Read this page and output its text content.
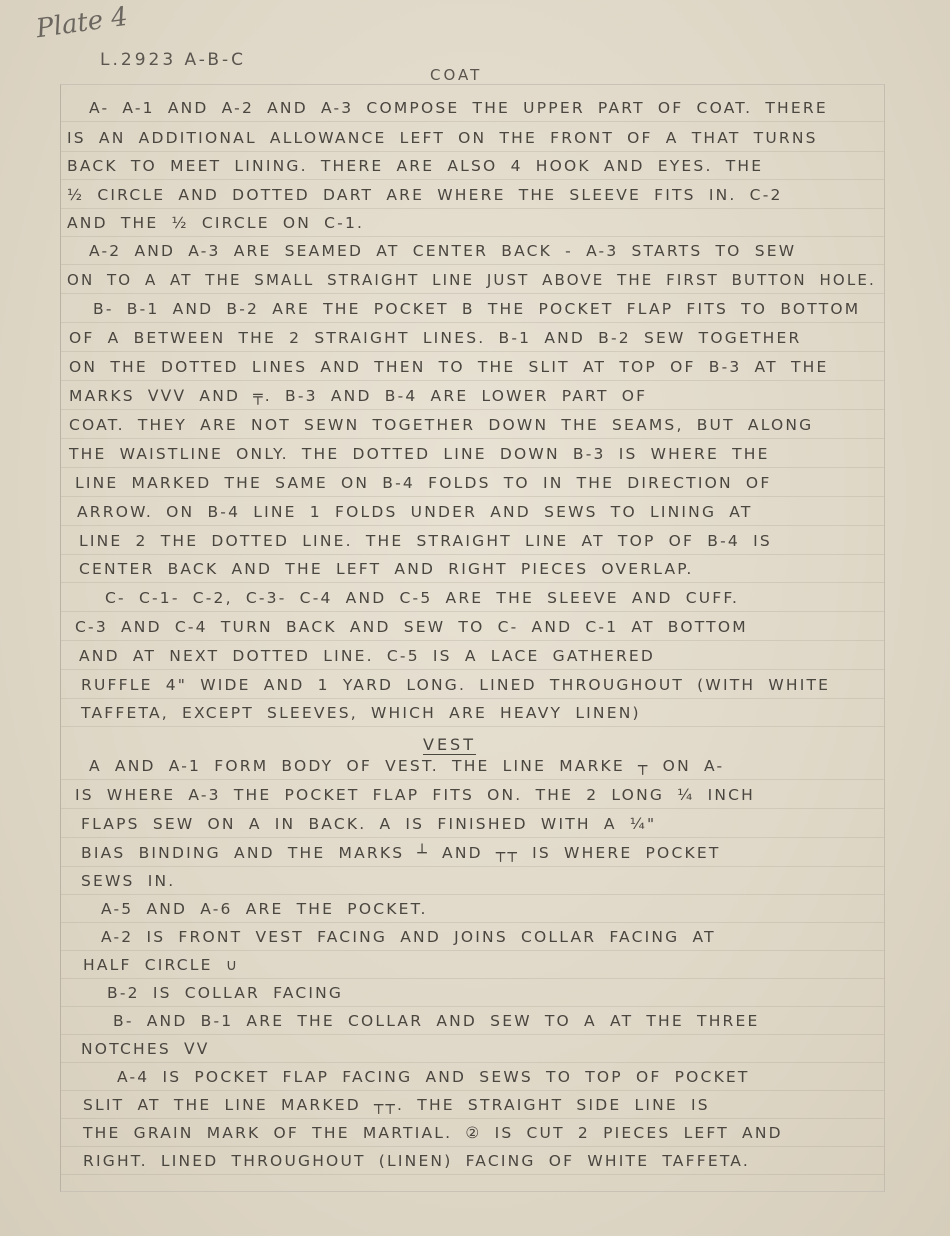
Plate 4
L.2923 A-B-C
COAT
VEST
A- A-1 AND A-2 AND A-3 COMPOSE THE UPPER PART OF COAT. THERE
IS AN ADDITIONAL ALLOWANCE LEFT ON THE FRONT OF A THAT TURNS
BACK TO MEET LINING. THERE ARE ALSO 4 HOOK AND EYES. THE
½ CIRCLE AND DOTTED DART ARE WHERE THE SLEEVE FITS IN. C-2
AND THE ½ CIRCLE ON C-1.
A-2 AND A-3 ARE SEAMED AT CENTER BACK - A-3 STARTS TO SEW
ON TO A AT THE SMALL STRAIGHT LINE JUST ABOVE THE FIRST BUTTON HOLE.
B- B-1 AND B-2 ARE THE POCKET B THE POCKET FLAP FITS TO BOTTOM
OF A BETWEEN THE 2 STRAIGHT LINES. B-1 AND B-2 SEW TOGETHER
ON THE DOTTED LINES AND THEN TO THE SLIT AT TOP OF B-3 AT THE
MARKS ᐯᐯᐯ AND ╤. B-3 AND B-4 ARE LOWER PART OF
COAT. THEY ARE NOT SEWN TOGETHER DOWN THE SEAMS, BUT ALONG
THE WAISTLINE ONLY. THE DOTTED LINE DOWN B-3 IS WHERE THE
LINE MARKED THE SAME ON B-4 FOLDS TO IN THE DIRECTION OF
ARROW. ON B-4 LINE 1 FOLDS UNDER AND SEWS TO LINING AT
LINE 2 THE DOTTED LINE. THE STRAIGHT LINE AT TOP OF B-4 IS
CENTER BACK AND THE LEFT AND RIGHT PIECES OVERLAP.
C- C-1- C-2, C-3- C-4 AND C-5 ARE THE SLEEVE AND CUFF.
C-3 AND C-4 TURN BACK AND SEW TO C- AND C-1 AT BOTTOM
AND AT NEXT DOTTED LINE. C-5 IS A LACE GATHERED
RUFFLE 4" WIDE AND 1 YARD LONG. LINED THROUGHOUT (WITH WHITE
TAFFETA, EXCEPT SLEEVES, WHICH ARE HEAVY LINEN)
A AND A-1 FORM BODY OF VEST. THE LINE MARKE ┬ ON A-
IS WHERE A-3 THE POCKET FLAP FITS ON. THE 2 LONG ¼ INCH
FLAPS SEW ON A IN BACK. A IS FINISHED WITH A ¼"
BIAS BINDING AND THE MARKS ┴ AND ┬┬ IS WHERE POCKET
SEWS IN.
A-5 AND A-6 ARE THE POCKET.
A-2 IS FRONT VEST FACING AND JOINS COLLAR FACING AT
HALF CIRCLE ∪
B-2 IS COLLAR FACING
B- AND B-1 ARE THE COLLAR AND SEW TO A AT THE THREE
NOTCHES ᐯᐯ
A-4 IS POCKET FLAP FACING AND SEWS TO TOP OF POCKET
SLIT AT THE LINE MARKED ┬┬. THE STRAIGHT SIDE LINE IS
THE GRAIN MARK OF THE MARTIAL. ② IS CUT 2 PIECES LEFT AND
RIGHT. LINED THROUGHOUT (LINEN) FACING OF WHITE TAFFETA.
